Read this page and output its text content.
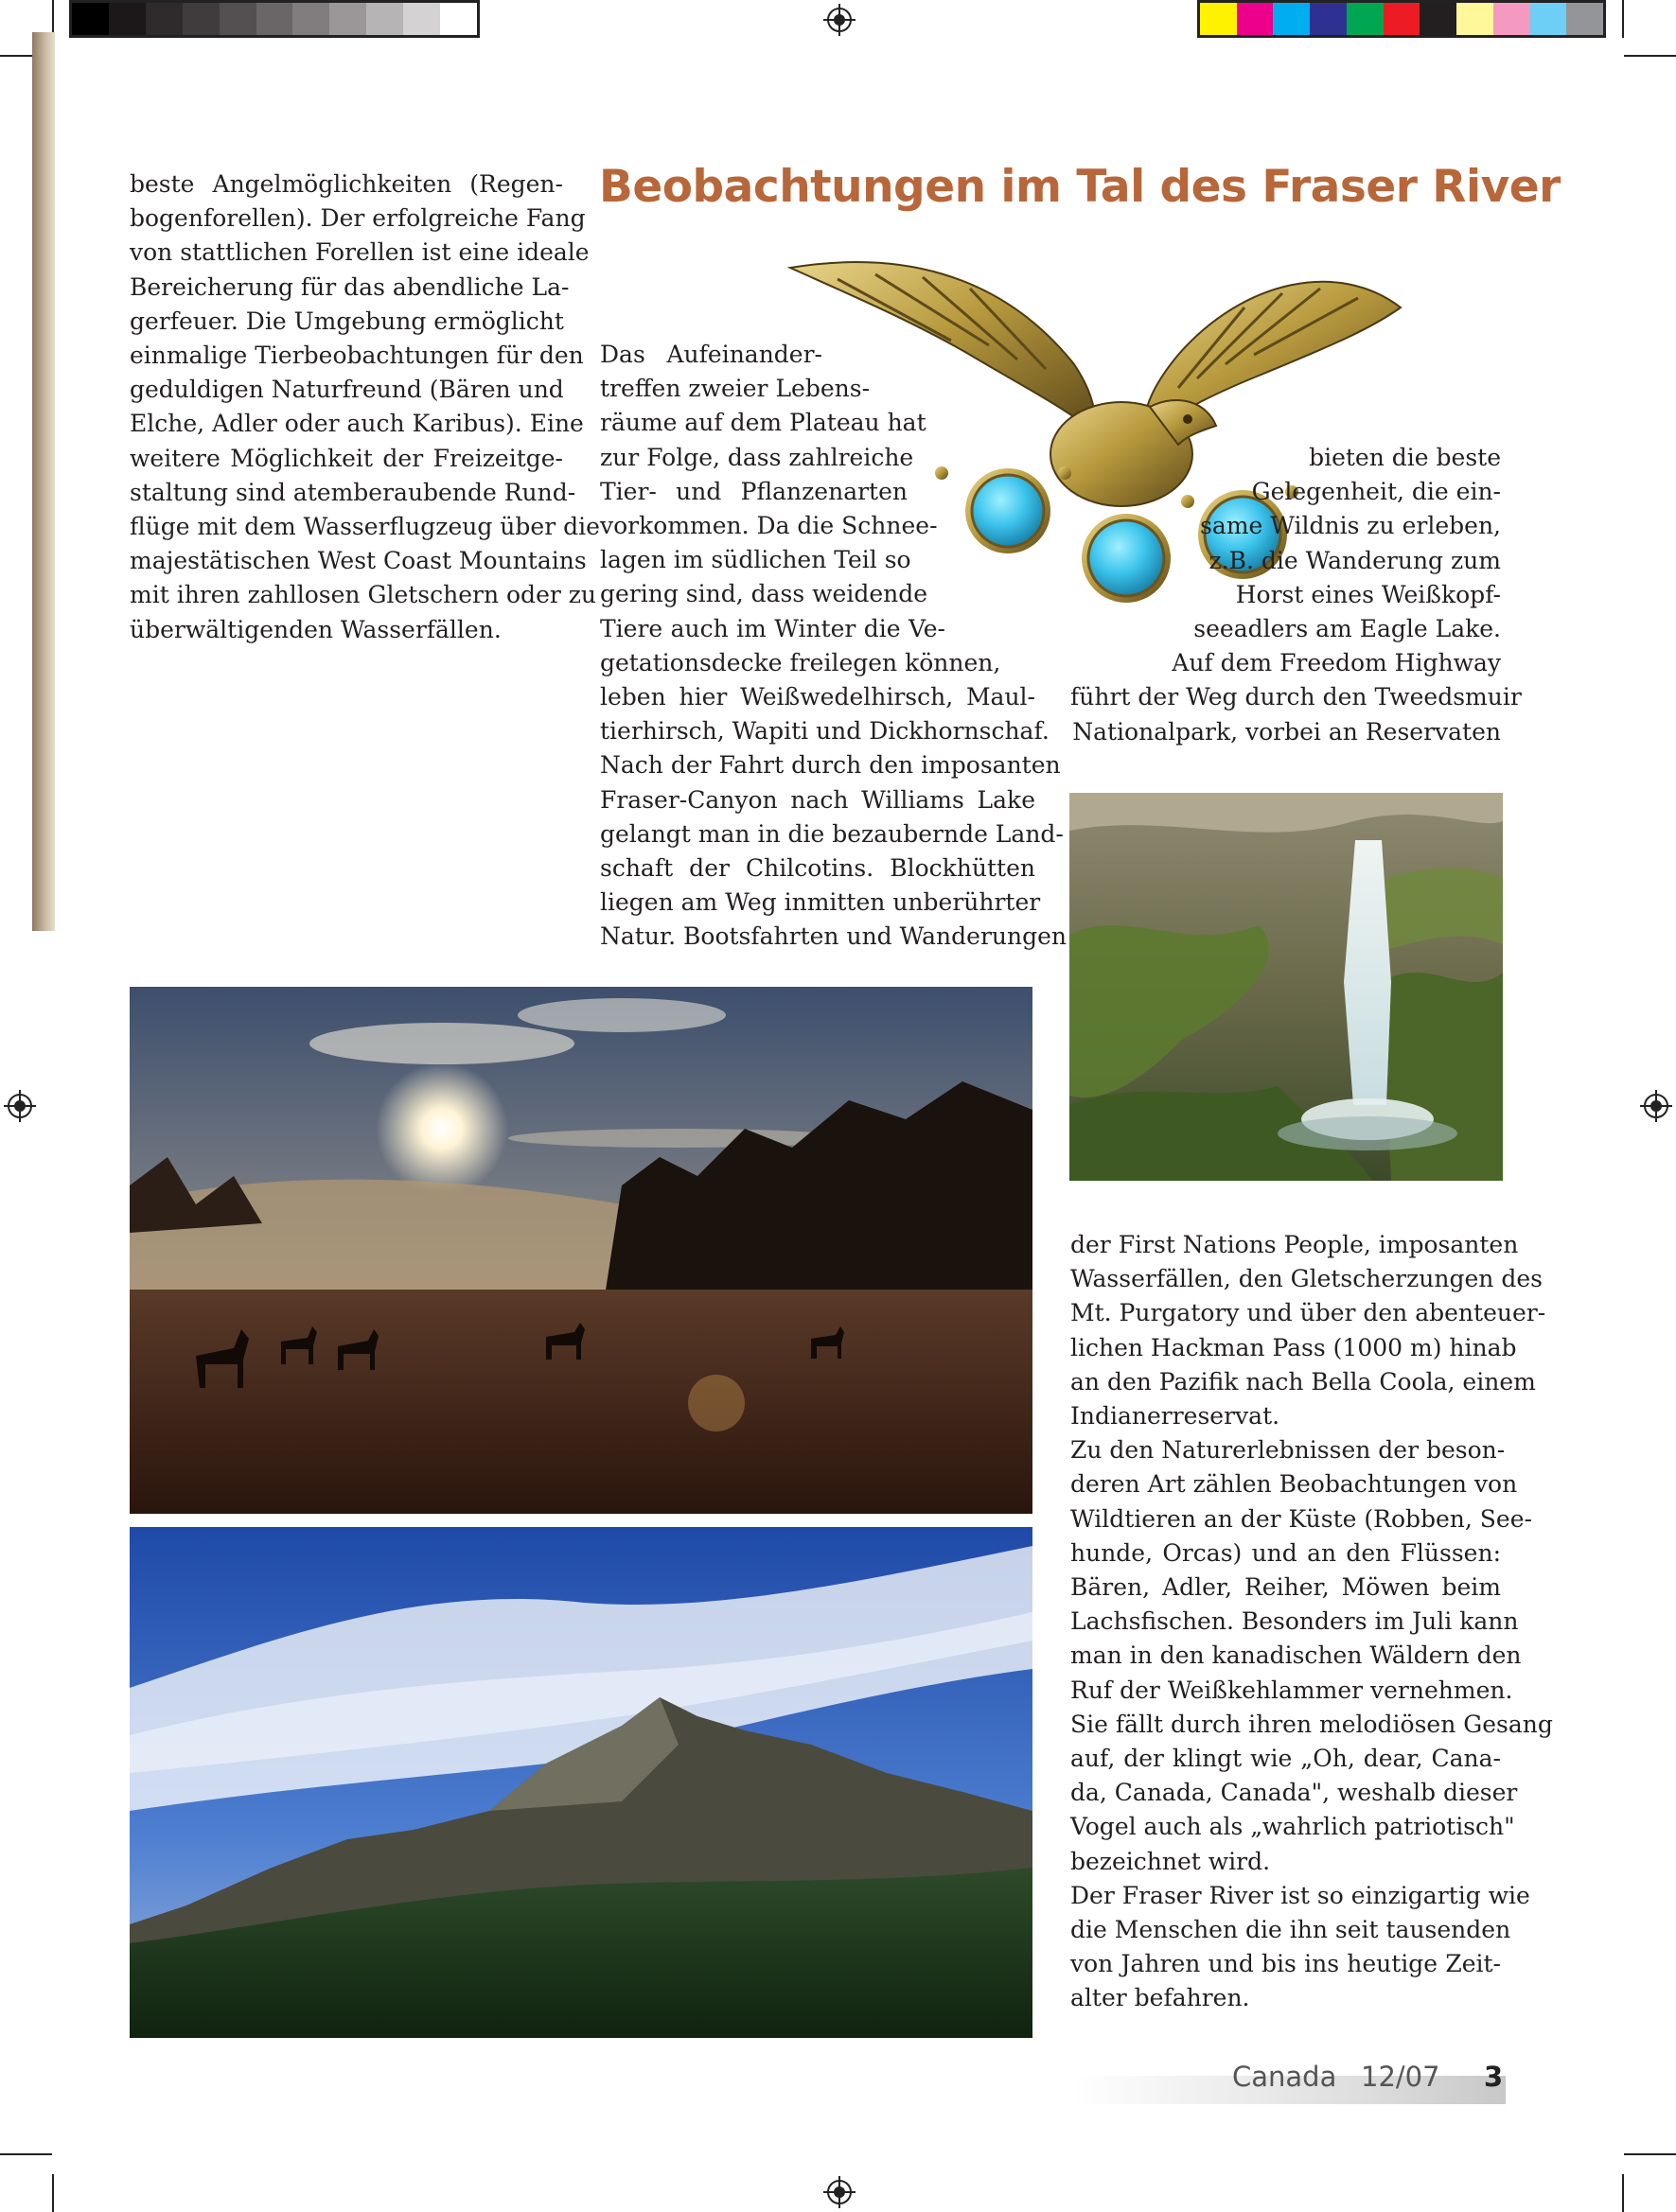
beste Angelmöglichkeiten (Regen-
bogenforellen). Der erfolgreiche Fang
von stattlichen Forellen ist eine ideale
Bereicherung für das abendliche La-
gerfeuer. Die Umgebung ermöglicht
einmalige Tierbeobachtungen für den
geduldigen Naturfreund (Bären und
Elche, Adler oder auch Karibus). Eine
weitere Möglichkeit der Freizeitge-
staltung sind atemberaubende Rund-
flüge mit dem Wasserflugzeug über die
majestätischen West Coast Mountains
mit ihren zahllosen Gletschern oder zu
überwältigenden Wasserfällen.
Beobachtungen im Tal des Fraser River
Das Aufeinander-
treffen zweier Lebens-
räume auf dem Plateau hat
zur Folge, dass zahlreiche
Tier- und Pflanzenarten
vorkommen. Da die Schnee-
lagen im südlichen Teil so
gering sind, dass weidende
Tiere auch im Winter die Ve-
getationsdecke freilegen können,
leben hier Weißwedelhirsch, Maul-
tierhirsch, Wapiti und Dickhornschaf.
Nach der Fahrt durch den imposanten
Fraser-Canyon nach Williams Lake
gelangt man in die bezaubernde Land-
schaft der Chilcotins. Blockhütten
liegen am Weg inmitten unberührter
Natur. Bootsfahrten und Wanderungen
bieten die beste
Gelegenheit, die ein-
same Wildnis zu erleben,
z.B. die Wanderung zum
Horst eines Weißkopf-
seeadlers am Eagle Lake.
Auf dem Freedom Highway
führt der Weg durch den Tweedsmuir
Nationalpark, vorbei an Reservaten
der First Nations People, imposanten
Wasserfällen, den Gletscherzungen des
Mt. Purgatory und über den abenteuer-
lichen Hackman Pass (1000 m) hinab
an den Pazifik nach Bella Coola, einem
Indianerreservat.
Zu den Naturerlebnissen der beson-
deren Art zählen Beobachtungen von
Wildtieren an der Küste (Robben, See-
hunde, Orcas) und an den Flüssen:
Bären, Adler, Reiher, Möwen beim
Lachsfischen. Besonders im Juli kann
man in den kanadischen Wäldern den
Ruf der Weißkehlammer vernehmen.
Sie fällt durch ihren melodiösen Gesang
auf, der klingt wie „Oh, dear, Cana-
da, Canada, Canada", weshalb dieser
Vogel auch als „wahrlich patriotisch"
bezeichnet wird.
Der Fraser River ist so einzigartig wie
die Menschen die ihn seit tausenden
von Jahren und bis ins heutige Zeit-
alter befahren.
Canada 12/07 3
